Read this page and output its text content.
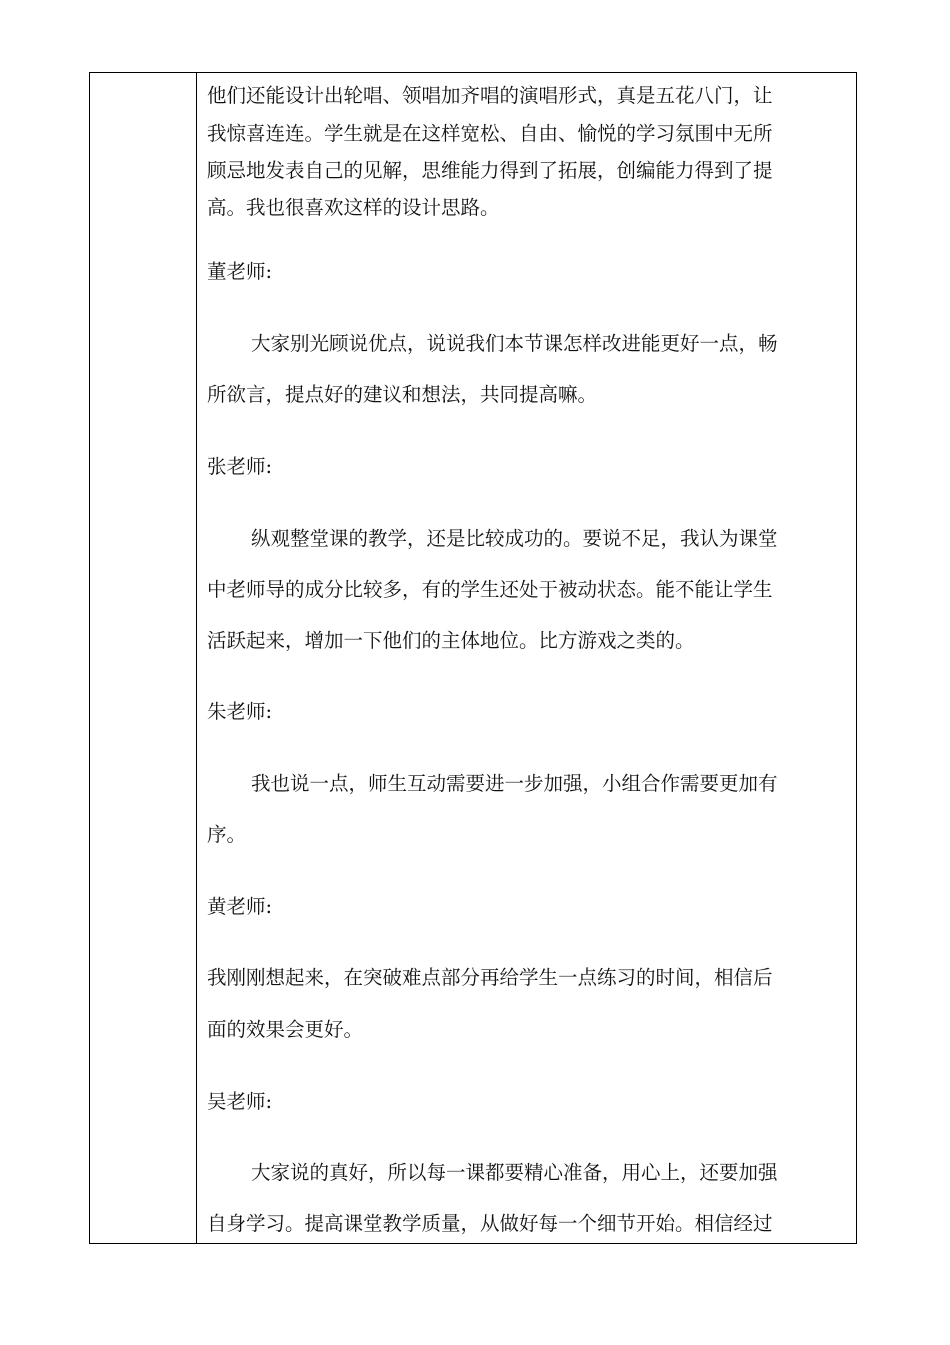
他们还能设计出轮唱、领唱加齐唱的演唱形式，真是五花八门，让

我惊喜连连。学生就是在这样宽松、自由、愉悦的学习氛围中无所

顾忌地发表自己的见解，思维能力得到了拓展，创编能力得到了提

高。我也很喜欢这样的设计思路。

董老师:

大家别光顾说优点，说说我们本节课怎样改进能更好一点，畅

所欲言，提点好的建议和想法，共同提高嘛。

张老师:

纵观整堂课的教学，还是比较成功的。要说不足，我认为课堂

中老师导的成分比较多，有的学生还处于被动状态。能不能让学生

活跃起来，增加一下他们的主体地位。比方游戏之类的。

朱老师:

我也说一点，师生互动需要进一步加强，小组合作需要更加有

序。

黄老师:

我刚刚想起来，在突破难点部分再给学生一点练习的时间，相信后

面的效果会更好。

吴老师:

大家说的真好，所以每一课都要精心准备，用心上，还要加强

自身学习。提高课堂教学质量，从做好每一个细节开始。相信经过
